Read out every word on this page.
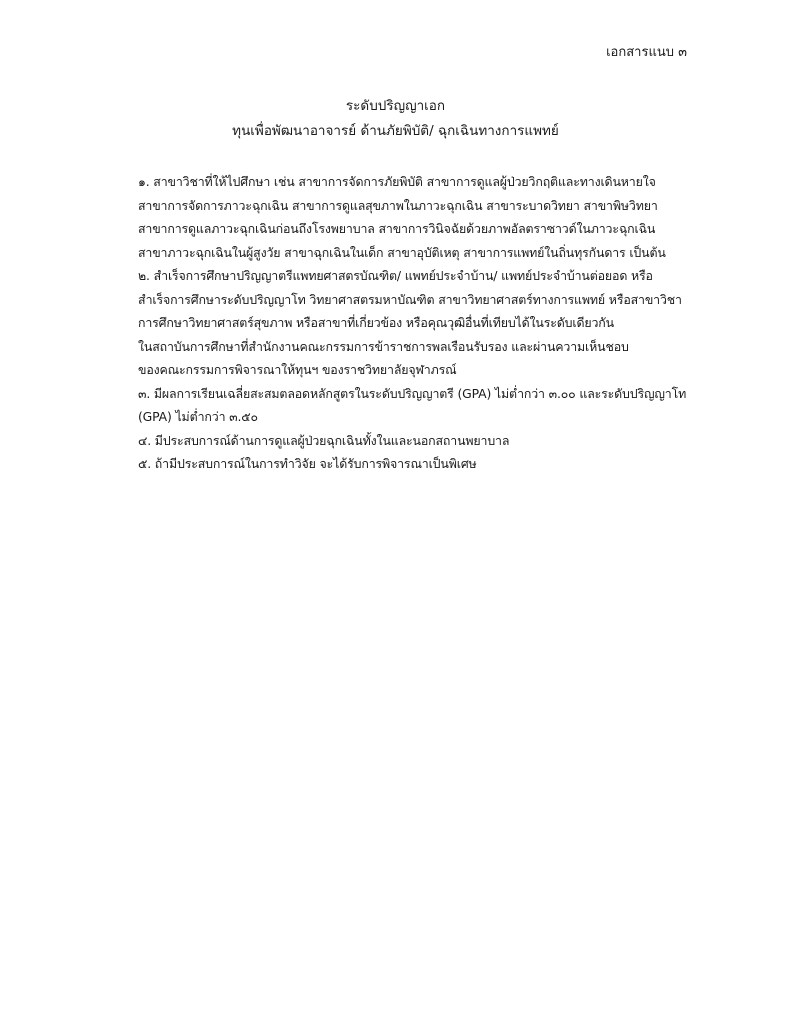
เอกสารแนบ ๓
ระดับปริญญาเอก
ทุนเพื่อพัฒนาอาจารย์ ด้านภัยพิบัติ/ ฉุกเฉินทางการแพทย์
๑. สาขาวิชาที่ให้ไปศึกษา เช่น สาขาการจัดการภัยพิบัติ สาขาการดูแลผู้ป่วยวิกฤติและทางเดินหายใจ
สาขาการจัดการภาวะฉุกเฉิน สาขาการดูแลสุขภาพในภาวะฉุกเฉิน สาขาระบาดวิทยา สาขาพิษวิทยา
สาขาการดูแลภาวะฉุกเฉินก่อนถึงโรงพยาบาล สาขาการวินิจฉัยด้วยภาพอัลตราซาวด์ในภาวะฉุกเฉิน
สาขาภาวะฉุกเฉินในผู้สูงวัย สาขาฉุกเฉินในเด็ก สาขาอุบัติเหตุ สาขาการแพทย์ในถิ่นทุรกันดาร เป็นต้น
๒. สำเร็จการศึกษาปริญญาตรีแพทยศาสตรบัณฑิต/ แพทย์ประจำบ้าน/ แพทย์ประจำบ้านต่อยอด หรือ
สำเร็จการศึกษาระดับปริญญาโท วิทยาศาสตรมหาบัณฑิต สาขาวิทยาศาสตร์ทางการแพทย์ หรือสาขาวิชา
การศึกษาวิทยาศาสตร์สุขภาพ หรือสาขาที่เกี่ยวข้อง หรือคุณวุฒิอื่นที่เทียบได้ในระดับเดียวกัน
ในสถาบันการศึกษาที่สำนักงานคณะกรรมการข้าราชการพลเรือนรับรอง และผ่านความเห็นชอบ
ของคณะกรรมการพิจารณาให้ทุนฯ ของราชวิทยาลัยจุฬาภรณ์
๓. มีผลการเรียนเฉลี่ยสะสมตลอดหลักสูตรในระดับปริญญาตรี (GPA) ไม่ต่ำกว่า ๓.๐๐ และระดับปริญญาโท
(GPA) ไม่ต่ำกว่า ๓.๕๐
๔. มีประสบการณ์ด้านการดูแลผู้ป่วยฉุกเฉินทั้งในและนอกสถานพยาบาล
๕. ถ้ามีประสบการณ์ในการทำวิจัย จะได้รับการพิจารณาเป็นพิเศษ
